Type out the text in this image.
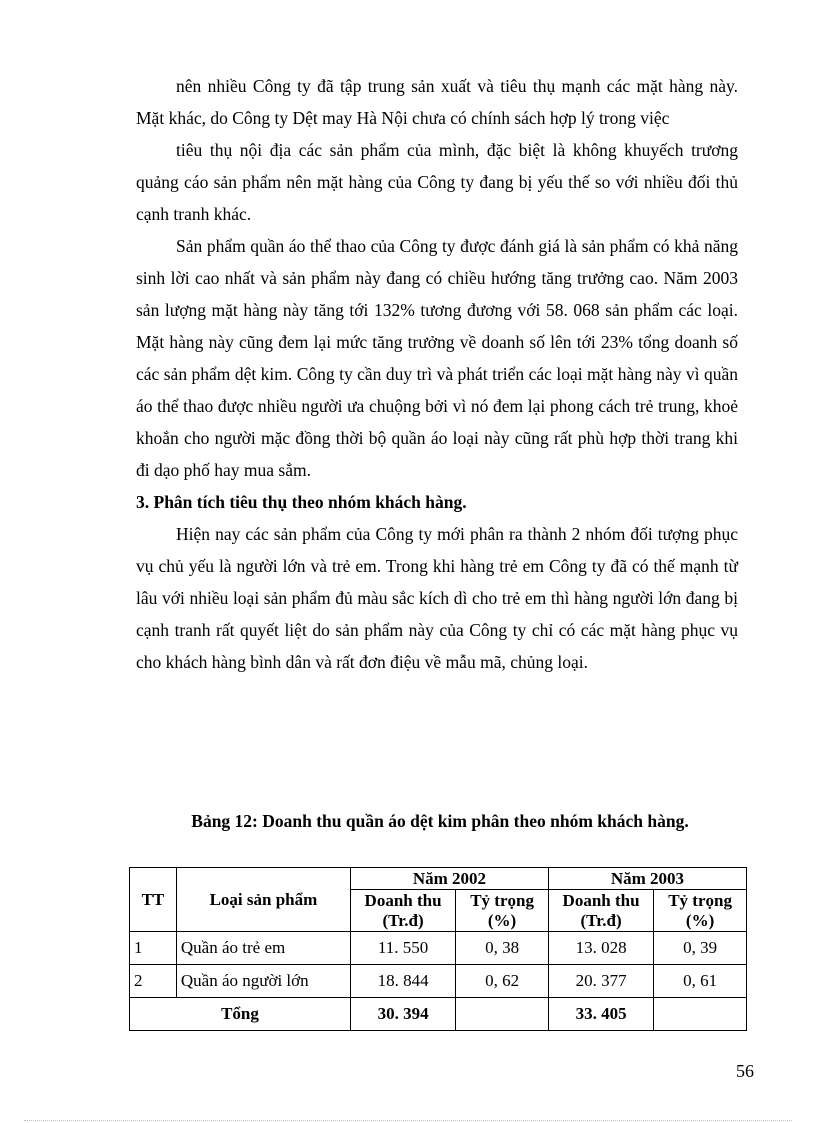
nên nhiều Công ty đã tập trung sản xuất và tiêu thụ mạnh các mặt hàng này. Mặt khác, do Công ty Dệt may Hà Nội chưa có chính sách hợp lý trong việc

tiêu thụ nội địa các sản phẩm của mình, đặc biệt là không khuyếch trương quảng cáo sản phẩm nên mặt hàng của Công ty đang bị yếu thế so với nhiều đối thủ cạnh tranh khác.

Sản phẩm quần áo thể thao của Công ty được đánh giá là sản phẩm có khả năng sinh lời cao nhất và sản phẩm này đang có chiều hướng tăng trưởng cao. Năm 2003 sản lượng mặt hàng này tăng tới 132% tương đương với 58. 068 sản phẩm các loại. Mặt hàng này cũng đem lại mức tăng trưởng về doanh số lên tới 23% tổng doanh số các sản phẩm dệt kim. Công ty cần duy trì và phát triển các loại mặt hàng này vì quần áo thể thao được nhiều người ưa chuộng bởi vì nó đem lại phong cách trẻ trung, khoẻ khoắn cho người mặc đồng thời bộ quần áo loại này cũng rất phù hợp thời trang khi đi dạo phố hay mua sắm.

3. Phân tích tiêu thụ theo nhóm khách hàng.

Hiện nay các sản phẩm của Công ty mới phân ra thành 2 nhóm đối tượng phục vụ chủ yếu là người lớn và trẻ em. Trong khi hàng trẻ em Công ty đã có thế mạnh từ lâu với nhiều loại sản phẩm đủ màu sắc kích dì cho trẻ em thì hàng người lớn đang bị cạnh tranh rất quyết liệt do sản phẩm này của Công ty chỉ có các mặt hàng phục vụ cho khách hàng bình dân và rất đơn điệu về mẫu mã, chủng loại.

Bảng 12: Doanh thu quần áo dệt kim phân theo nhóm khách hàng.
TT	Loại sản phẩm	Năm 2002		Năm 2003	
		Doanh thu (Tr.đ)	Tỷ trọng (%)	Doanh thu (Tr.đ)	Tỷ trọng (%)
1	Quần áo trẻ em	11. 550	0, 38	13. 028	0, 39
2	Quần áo người lớn	18. 844	0, 62	20. 377	0, 61
Tổng		30. 394		33. 405	
56
